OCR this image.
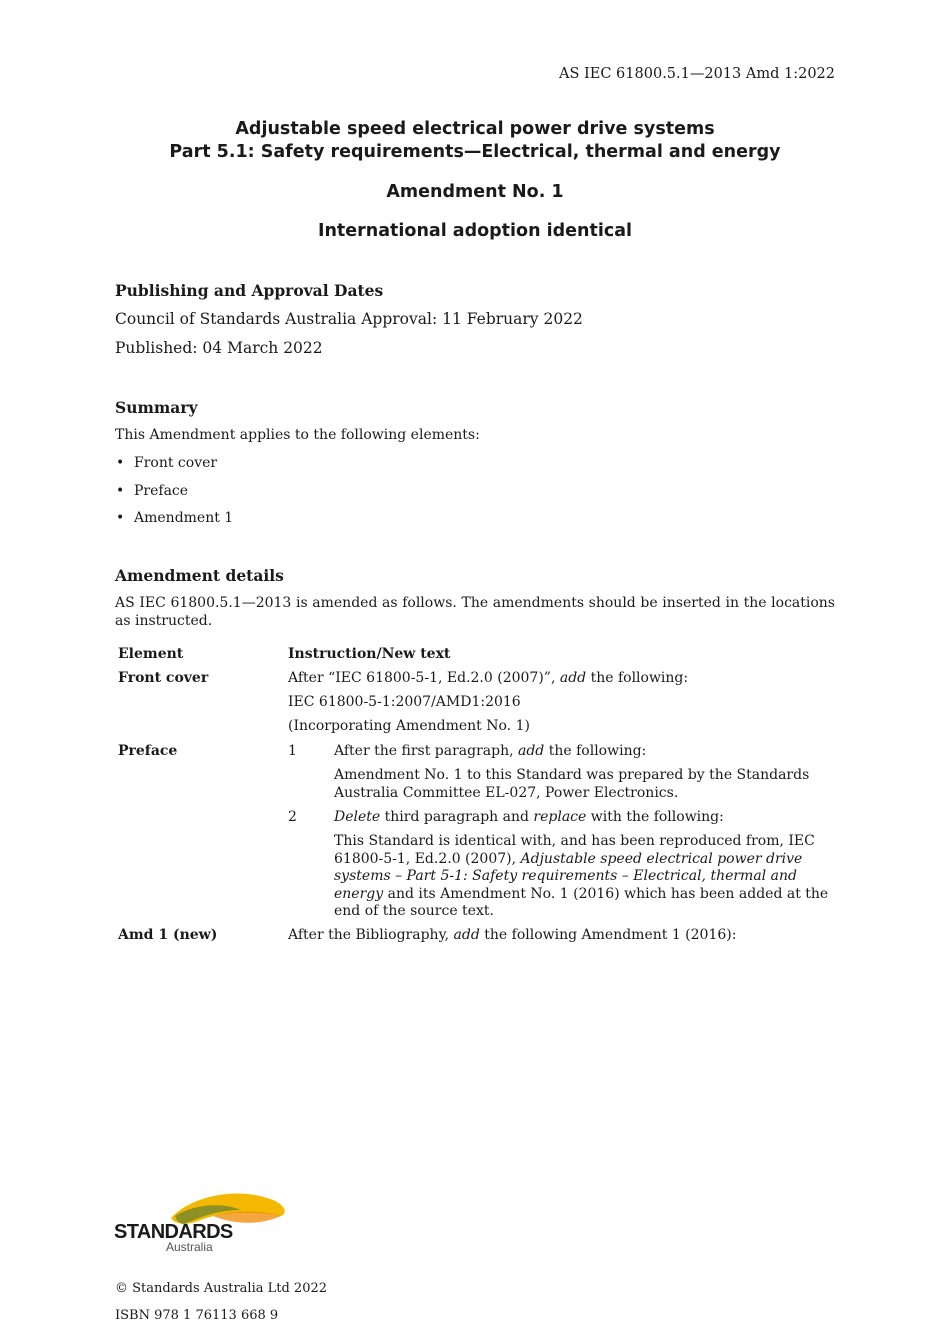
AS IEC 61800.5.1—2013 Amd 1:2022
Adjustable speed electrical power drive systems
Part 5.1: Safety requirements—Electrical, thermal and energy
Amendment No. 1
International adoption identical
Publishing and Approval Dates
Council of Standards Australia Approval: 11 February 2022
Published: 04 March 2022
Summary
This Amendment applies to the following elements:
• Front cover
• Preface
• Amendment 1
Amendment details
AS IEC 61800.5.1—2013 is amended as follows. The amendments should be inserted in the locations as instructed.
Element	Instruction/New text
Front cover	After “IEC 61800-5-1, Ed.2.0 (2007)”, add the following:
IEC 61800-5-1:2007/AMD1:2016
(Incorporating Amendment No. 1)
Preface	1	After the first paragraph, add the following:
Amendment No. 1 to this Standard was prepared by the Standards Australia Committee EL-027, Power Electronics.
2	Delete third paragraph and replace with the following:
This Standard is identical with, and has been reproduced from, IEC 61800-5-1, Ed.2.0 (2007), Adjustable speed electrical power drive systems – Part 5-1: Safety requirements – Electrical, thermal and energy and its Amendment No. 1 (2016) which has been added at the end of the source text.
Amd 1 (new)	After the Bibliography, add the following Amendment 1 (2016):
STANDARDS
Australia
© Standards Australia Ltd 2022
ISBN 978 1 76113 668 9
